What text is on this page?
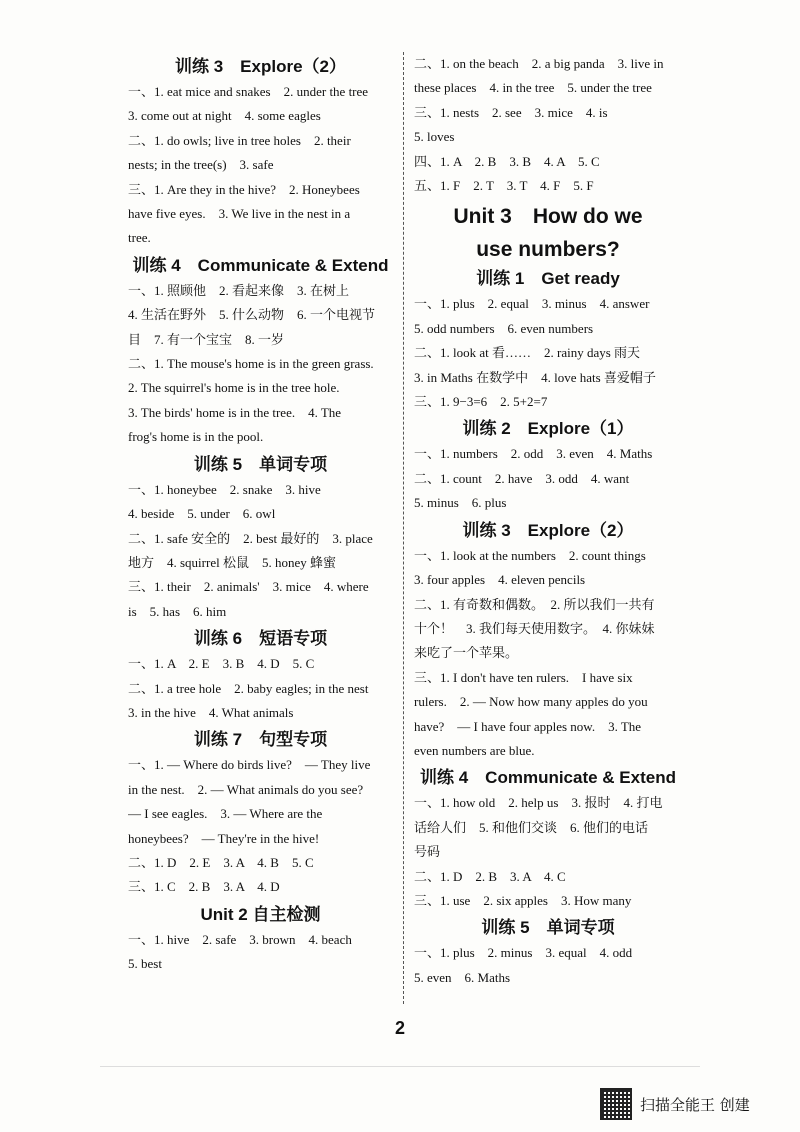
训练 3　Explore（2）
一、1. eat mice and snakes　2. under the tree
3. come out at night　4. some eagles
二、1. do owls; live in tree holes　2. their
nests; in the tree(s)　3. safe
三、1. Are they in the hive?　2. Honeybees
have five eyes.　3. We live in the nest in a
tree.
训练 4　Communicate & Extend
一、1. 照顾他　2. 看起来像　3. 在树上
4. 生活在野外　5. 什么动物　6. 一个电视节
目　7. 有一个宝宝　8. 一岁
二、1. The mouse's home is in the green grass.
2. The squirrel's home is in the tree hole.
3. The birds' home is in the tree.　4. The
frog's home is in the pool.
训练 5　单词专项
一、1. honeybee　2. snake　3. hive
4. beside　5. under　6. owl
二、1. safe 安全的　2. best 最好的　3. place
地方　4. squirrel 松鼠　5. honey 蜂蜜
三、1. their　2. animals'　3. mice　4. where
is　5. has　6. him
训练 6　短语专项
一、1. A　2. E　3. B　4. D　5. C
二、1. a tree hole　2. baby eagles; in the nest
3. in the hive　4. What animals
训练 7　句型专项
一、1. — Where do birds live?　— They live
in the nest.　2. — What animals do you see?
— I see eagles.　3. — Where are the
honeybees?　— They're in the hive!
二、1. D　2. E　3. A　4. B　5. C
三、1. C　2. B　3. A　4. D
Unit 2 自主检测
一、1. hive　2. safe　3. brown　4. beach
5. best
二、1. on the beach　2. a big panda　3. live in
these places　4. in the tree　5. under the tree
三、1. nests　2. see　3. mice　4. is
5. loves
四、1. A　2. B　3. B　4. A　5. C
五、1. F　2. T　3. T　4. F　5. F
Unit 3　How do we
use numbers?
训练 1　Get ready
一、1. plus　2. equal　3. minus　4. answer
5. odd numbers　6. even numbers
二、1. look at 看……　2. rainy days 雨天
3. in Maths 在数学中　4. love hats 喜爱帽子
三、1. 9−3=6　2. 5+2=7
训练 2　Explore（1）
一、1. numbers　2. odd　3. even　4. Maths
二、1. count　2. have　3. odd　4. want
5. minus　6. plus
训练 3　Explore（2）
一、1. look at the numbers　2. count things
3. four apples　4. eleven pencils
二、1. 有奇数和偶数。　2. 所以我们一共有
十个！　3. 我们每天使用数字。　4. 你妹妹
来吃了一个苹果。
三、1. I don't have ten rulers.　I have six
rulers.　2. — Now how many apples do you
have?　— I have four apples now.　3. The
even numbers are blue.
训练 4　Communicate & Extend
一、1. how old　2. help us　3. 报时　4. 打电
话给人们　5. 和他们交谈　6. 他们的电话
号码
二、1. D　2. B　3. A　4. C
三、1. use　2. six apples　3. How many
训练 5　单词专项
一、1. plus　2. minus　3. equal　4. odd
5. even　6. Maths
2
扫描全能王 创建
